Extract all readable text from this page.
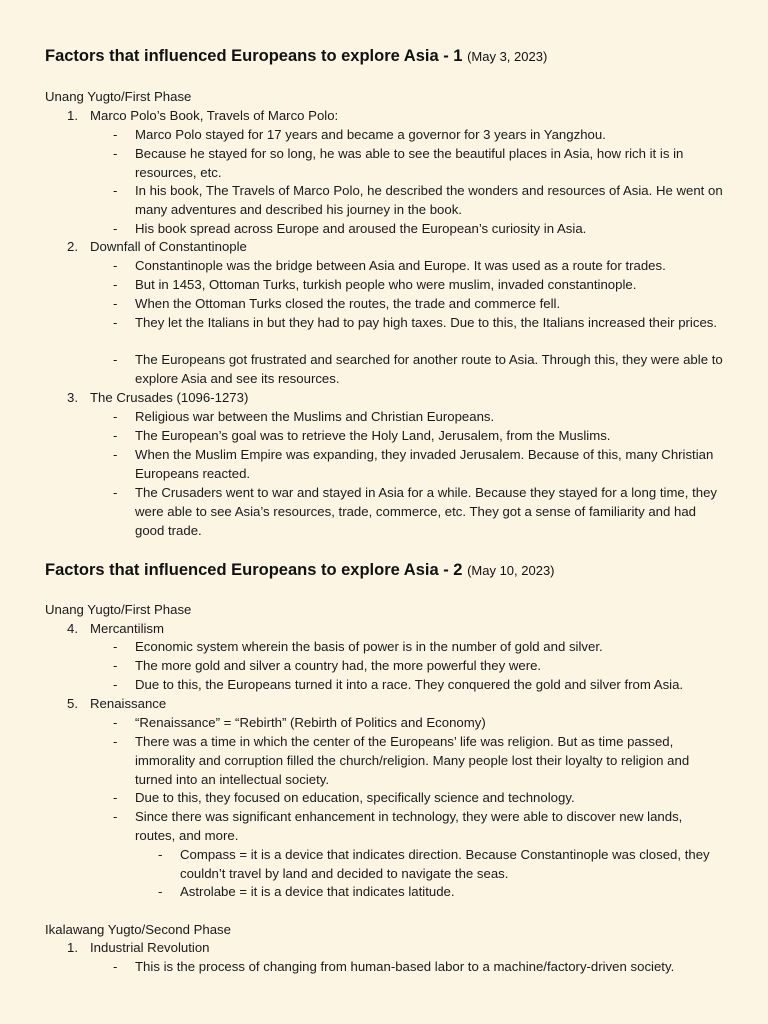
Factors that influenced Europeans to explore Asia - 1 (May 3, 2023)
Unang Yugto/First Phase
1. Marco Polo’s Book, Travels of Marco Polo:
- Marco Polo stayed for 17 years and became a governor for 3 years in Yangzhou.
- Because he stayed for so long, he was able to see the beautiful places in Asia, how rich it is in resources, etc.
- In his book, The Travels of Marco Polo, he described the wonders and resources of Asia. He went on many adventures and described his journey in the book.
- His book spread across Europe and aroused the European’s curiosity in Asia.
2. Downfall of Constantinople
- Constantinople was the bridge between Asia and Europe. It was used as a route for trades.
- But in 1453, Ottoman Turks, turkish people who were muslim, invaded constantinople.
- When the Ottoman Turks closed the routes, the trade and commerce fell.
- They let the Italians in but they had to pay high taxes. Due to this, the Italians increased their prices.
- The Europeans got frustrated and searched for another route to Asia. Through this, they were able to explore Asia and see its resources.
3. The Crusades (1096-1273)
- Religious war between the Muslims and Christian Europeans.
- The European’s goal was to retrieve the Holy Land, Jerusalem, from the Muslims.
- When the Muslim Empire was expanding, they invaded Jerusalem. Because of this, many Christian Europeans reacted.
- The Crusaders went to war and stayed in Asia for a while. Because they stayed for a long time, they were able to see Asia’s resources, trade, commerce, etc. They got a sense of familiarity and had good trade.
Factors that influenced Europeans to explore Asia - 2 (May 10, 2023)
Unang Yugto/First Phase
4. Mercantilism
- Economic system wherein the basis of power is in the number of gold and silver.
- The more gold and silver a country had, the more powerful they were.
- Due to this, the Europeans turned it into a race. They conquered the gold and silver from Asia.
5. Renaissance
- “Renaissance” = “Rebirth” (Rebirth of Politics and Economy)
- There was a time in which the center of the Europeans’ life was religion. But as time passed, immorality and corruption filled the church/religion. Many people lost their loyalty to religion and turned into an intellectual society.
- Due to this, they focused on education, specifically science and technology.
- Since there was significant enhancement in technology, they were able to discover new lands, routes, and more.
- Compass = it is a device that indicates direction. Because Constantinople was closed, they couldn’t travel by land and decided to navigate the seas.
- Astrolabe = it is a device that indicates latitude.
Ikalawang Yugto/Second Phase
1. Industrial Revolution
- This is the process of changing from human-based labor to a machine/factory-driven society.
